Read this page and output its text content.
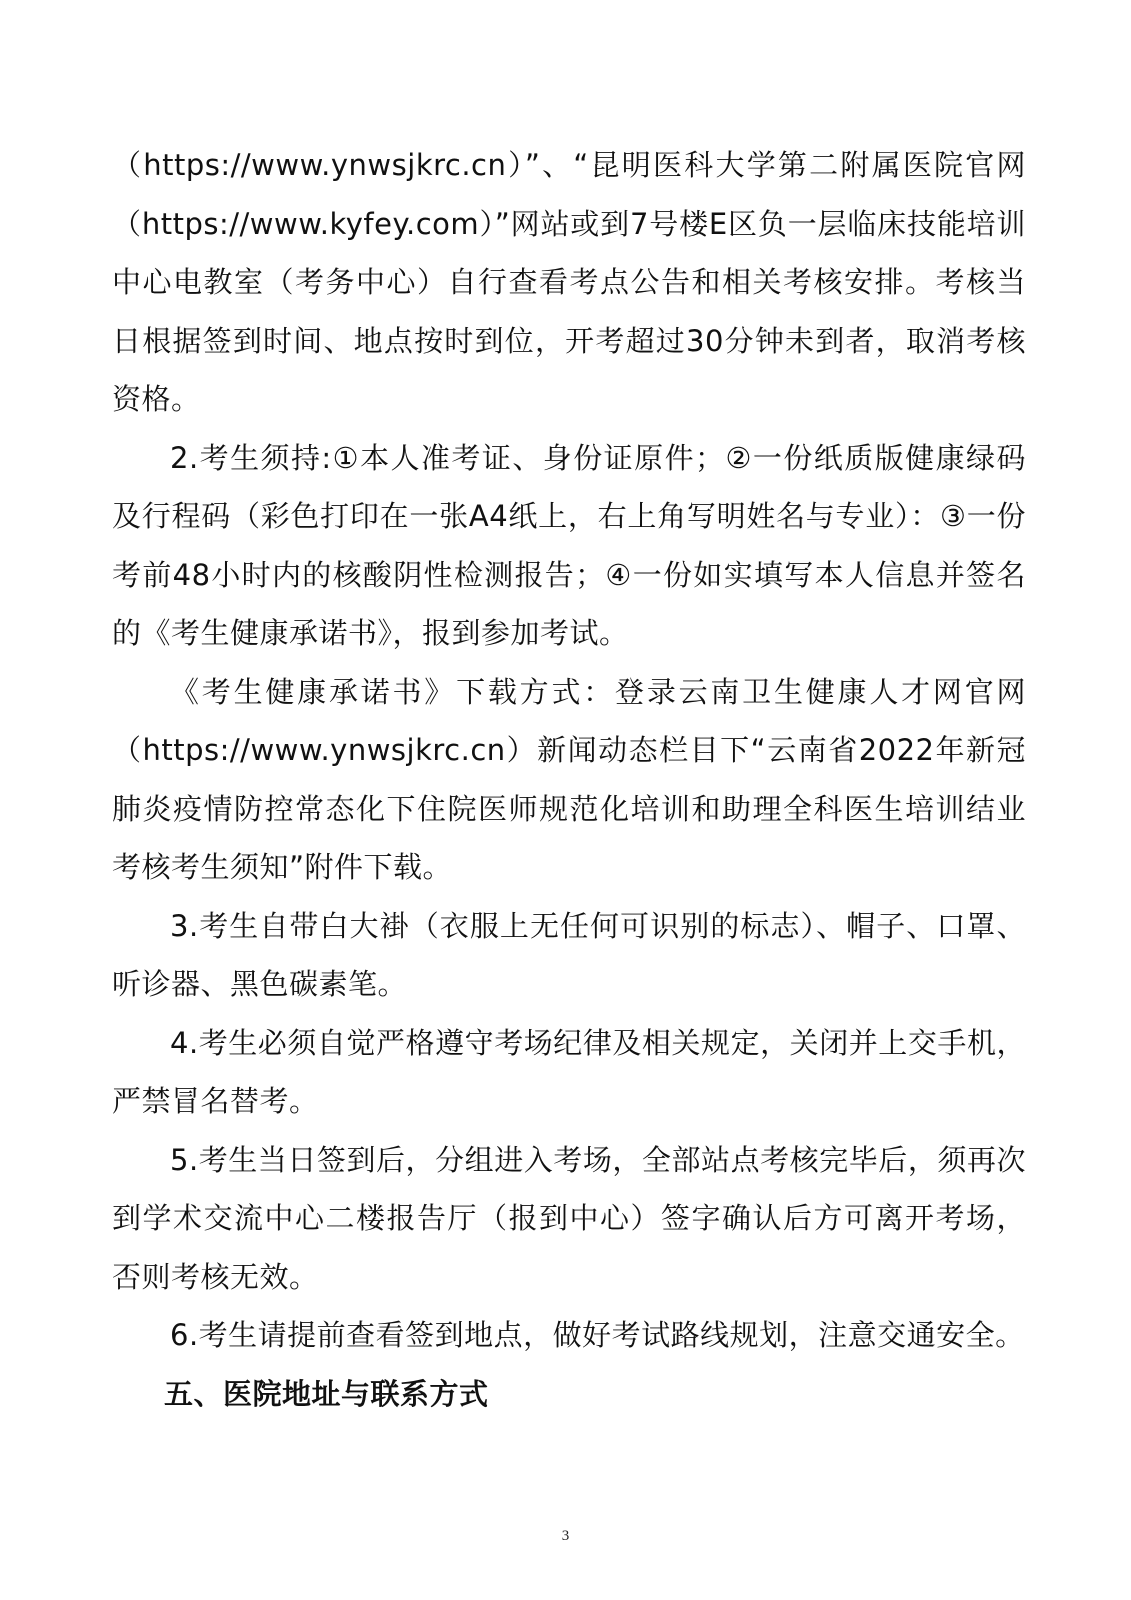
（https://www.ynwsjkrc.cn）”、“昆明医科大学第二附属医院官网（https://www.kyfey.com）”网站或到7号楼E区负一层临床技能培训中心电教室（考务中心）自行查看考点公告和相关考核安排。考核当日根据签到时间、地点按时到位，开考超过30分钟未到者，取消考核资格。

2.考生须持:①本人准考证、身份证原件；②一份纸质版健康绿码及行程码（彩色打印在一张A4纸上，右上角写明姓名与专业）：③一份考前48小时内的核酸阴性检测报告；④一份如实填写本人信息并签名的《考生健康承诺书》，报到参加考试。

《考生健康承诺书》下载方式：登录云南卫生健康人才网官网（https://www.ynwsjkrc.cn）新闻动态栏目下“云南省2022年新冠肺炎疫情防控常态化下住院医师规范化培训和助理全科医生培训结业考核考生须知”附件下载。

3.考生自带白大褂（衣服上无任何可识别的标志）、帽子、口罩、听诊器、黑色碳素笔。

4.考生必须自觉严格遵守考场纪律及相关规定，关闭并上交手机，严禁冒名替考。

5.考生当日签到后，分组进入考场，全部站点考核完毕后，须再次到学术交流中心二楼报告厅（报到中心）签字确认后方可离开考场，否则考核无效。

6.考生请提前查看签到地点，做好考试路线规划，注意交通安全。

五、医院地址与联系方式

3
